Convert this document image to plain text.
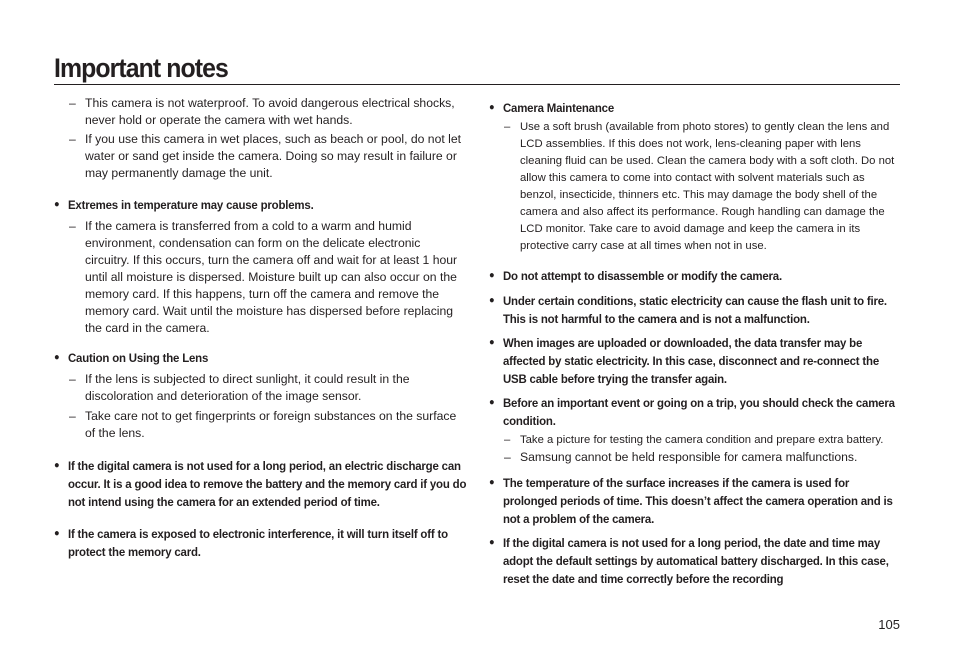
Important notes
– This camera is not waterproof. To avoid dangerous electrical shocks, never hold or operate the camera with wet hands.
– If you use this camera in wet places, such as beach or pool, do not let water or sand get inside the camera. Doing so may result in failure or may permanently damage the unit.
● Extremes in temperature may cause problems.
– If the camera is transferred from a cold to a warm and humid environment, condensation can form on the delicate electronic circuitry. If this occurs, turn the camera off and wait for at least 1 hour until all moisture is dispersed. Moisture built up can also occur on the memory card. If this happens, turn off the camera and remove the memory card. Wait until the moisture has dispersed before replacing the card in the camera.
● Caution on Using the Lens
– If the lens is subjected to direct sunlight, it could result in the discoloration and deterioration of the image sensor.
– Take care not to get fingerprints or foreign substances on the surface of the lens.
● If the digital camera is not used for a long period, an electric discharge can occur. It is a good idea to remove the battery and the memory card if you do not intend using the camera for an extended period of time.
● If the camera is exposed to electronic interference, it will turn itself off to protect the memory card.
● Camera Maintenance
– Use a soft brush (available from photo stores) to gently clean the lens and LCD assemblies. If this does not work, lens-cleaning paper with lens cleaning fluid can be used. Clean the camera body with a soft cloth. Do not allow this camera to come into contact with solvent materials such as benzol, insecticide, thinners etc. This may damage the body shell of the camera and also affect its performance. Rough handling can damage the LCD monitor. Take care to avoid damage and keep the camera in its protective carry case at all times when not in use.
● Do not attempt to disassemble or modify the camera.
● Under certain conditions, static electricity can cause the flash unit to fire. This is not harmful to the camera and is not a malfunction.
● When images are uploaded or downloaded, the data transfer may be affected by static electricity. In this case, disconnect and re-connect the USB cable before trying the transfer again.
● Before an important event or going on a trip, you should check the camera condition.
– Take a picture for testing the camera condition and prepare extra battery.
– Samsung cannot be held responsible for camera malfunctions.
● The temperature of the surface increases if the camera is used for prolonged periods of time. This doesn’t affect the camera operation and is not a problem of the camera.
● If the digital camera is not used for a long period, the date and time may adopt the default settings by automatical battery discharged. In this case, reset the date and time correctly before the recording
105
